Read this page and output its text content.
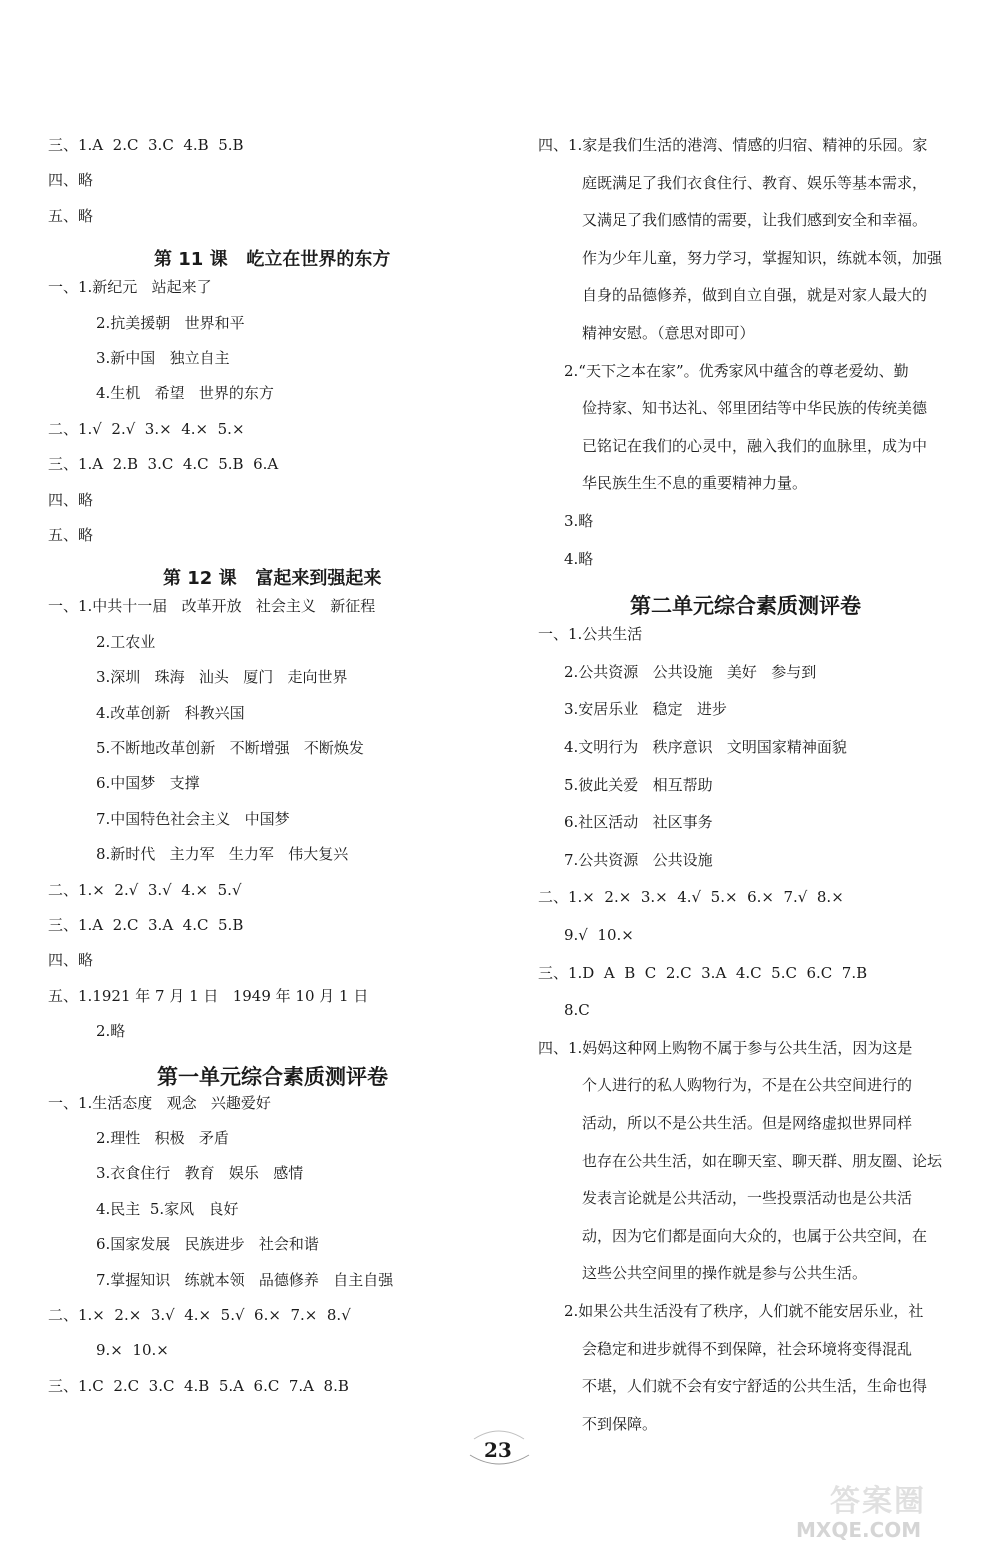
三、1.A  2.C  3.C  4.B  5.B
四、略
五、略
第 11 课   屹立在世界的东方
一、1.新纪元   站起来了
2.抗美援朝   世界和平
3.新中国   独立自主
4.生机   希望   世界的东方
二、1.√  2.√  3.×  4.×  5.×
三、1.A  2.B  3.C  4.C  5.B  6.A
四、略
五、略
第 12 课   富起来到强起来
一、1.中共十一届   改革开放   社会主义   新征程
2.工农业
3.深圳   珠海   汕头   厦门   走向世界
4.改革创新   科教兴国
5.不断地改革创新   不断增强   不断焕发
6.中国梦   支撑
7.中国特色社会主义   中国梦
8.新时代   主力军   生力军   伟大复兴
二、1.×  2.√  3.√  4.×  5.√
三、1.A  2.C  3.A  4.C  5.B
四、略
五、1.1921 年 7 月 1 日   1949 年 10 月 1 日
2.略
第一单元综合素质测评卷
一、1.生活态度   观念   兴趣爱好
2.理性   积极   矛盾
3.衣食住行   教育   娱乐   感情
4.民主  5.家风   良好
6.国家发展   民族进步   社会和谐
7.掌握知识   练就本领   品德修养   自主自强
二、1.×  2.×  3.√  4.×  5.√  6.×  7.×  8.√
9.×  10.×
三、1.C  2.C  3.C  4.B  5.A  6.C  7.A  8.B
四、1.家是我们生活的港湾、情感的归宿、精神的乐园。家
庭既满足了我们衣食住行、教育、娱乐等基本需求，
又满足了我们感情的需要，让我们感到安全和幸福。
作为少年儿童，努力学习，掌握知识，练就本领，加强
自身的品德修养，做到自立自强，就是对家人最大的
精神安慰。（意思对即可）
2.“天下之本在家”。优秀家风中蕴含的尊老爱幼、勤
俭持家、知书达礼、邻里团结等中华民族的传统美德
已铭记在我们的心灵中，融入我们的血脉里，成为中
华民族生生不息的重要精神力量。
3.略
4.略
第二单元综合素质测评卷
一、1.公共生活
2.公共资源   公共设施   美好   参与到
3.安居乐业   稳定   进步
4.文明行为   秩序意识   文明国家精神面貌
5.彼此关爱   相互帮助
6.社区活动   社区事务
7.公共资源   公共设施
二、1.×  2.×  3.×  4.√  5.×  6.×  7.√  8.×
9.√  10.×
三、1.D  A  B  C  2.C  3.A  4.C  5.C  6.C  7.B
8.C
四、1.妈妈这种网上购物不属于参与公共生活，因为这是
个人进行的私人购物行为，不是在公共空间进行的
活动，所以不是公共生活。但是网络虚拟世界同样
也存在公共生活，如在聊天室、聊天群、朋友圈、论坛
发表言论就是公共活动，一些投票活动也是公共活
动，因为它们都是面向大众的，也属于公共空间，在
这些公共空间里的操作就是参与公共生活。
2.如果公共生活没有了秩序，人们就不能安居乐业，社
会稳定和进步就得不到保障，社会环境将变得混乱
不堪，人们就不会有安宁舒适的公共生活，生命也得
不到保障。
23
答案圈
MXQE.COM
